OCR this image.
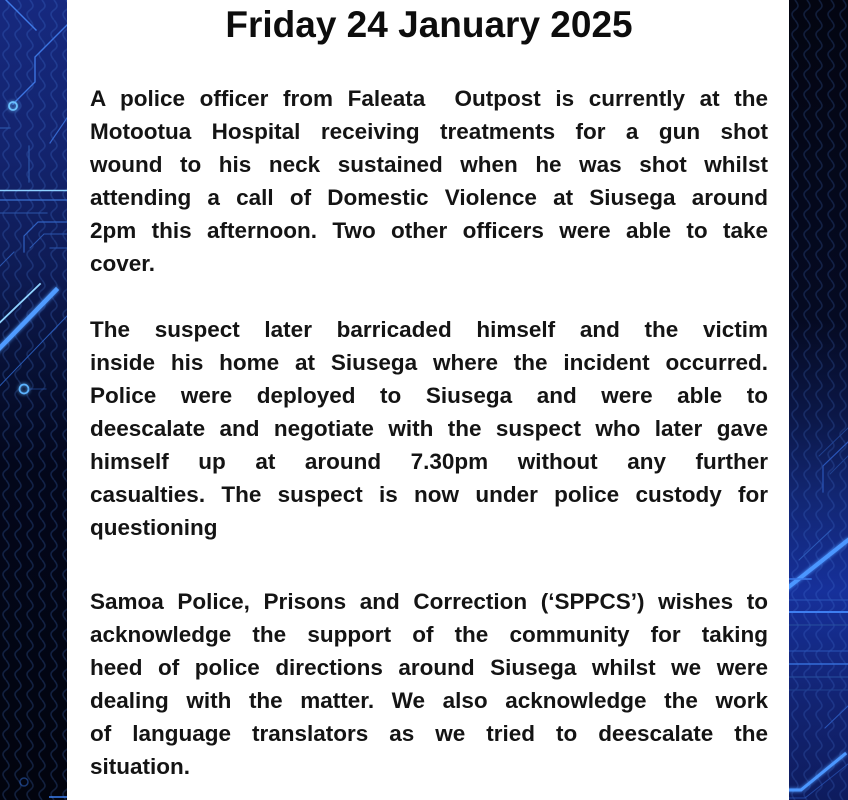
Friday 24 January 2025
A police officer from Faleata  Outpost is currently at the
Motootua Hospital receiving treatments for a gun shot
wound to his neck sustained when he was shot whilst
attending a call of Domestic Violence at Siusega around
2pm this afternoon. Two other officers were able to take
cover.
The suspect later barricaded himself and the victim
inside his home at Siusega where the incident occurred.
Police were deployed to Siusega and were able to
deescalate and negotiate with the suspect who later gave
himself up at around 7.30pm without any further
casualties. The suspect is now under police custody for
questioning
Samoa Police, Prisons and Correction (‘SPPCS’) wishes to
acknowledge the support of the community for taking
heed of police directions around Siusega whilst we were
dealing with the matter. We also acknowledge the work
of language translators as we tried to deescalate the
situation.
